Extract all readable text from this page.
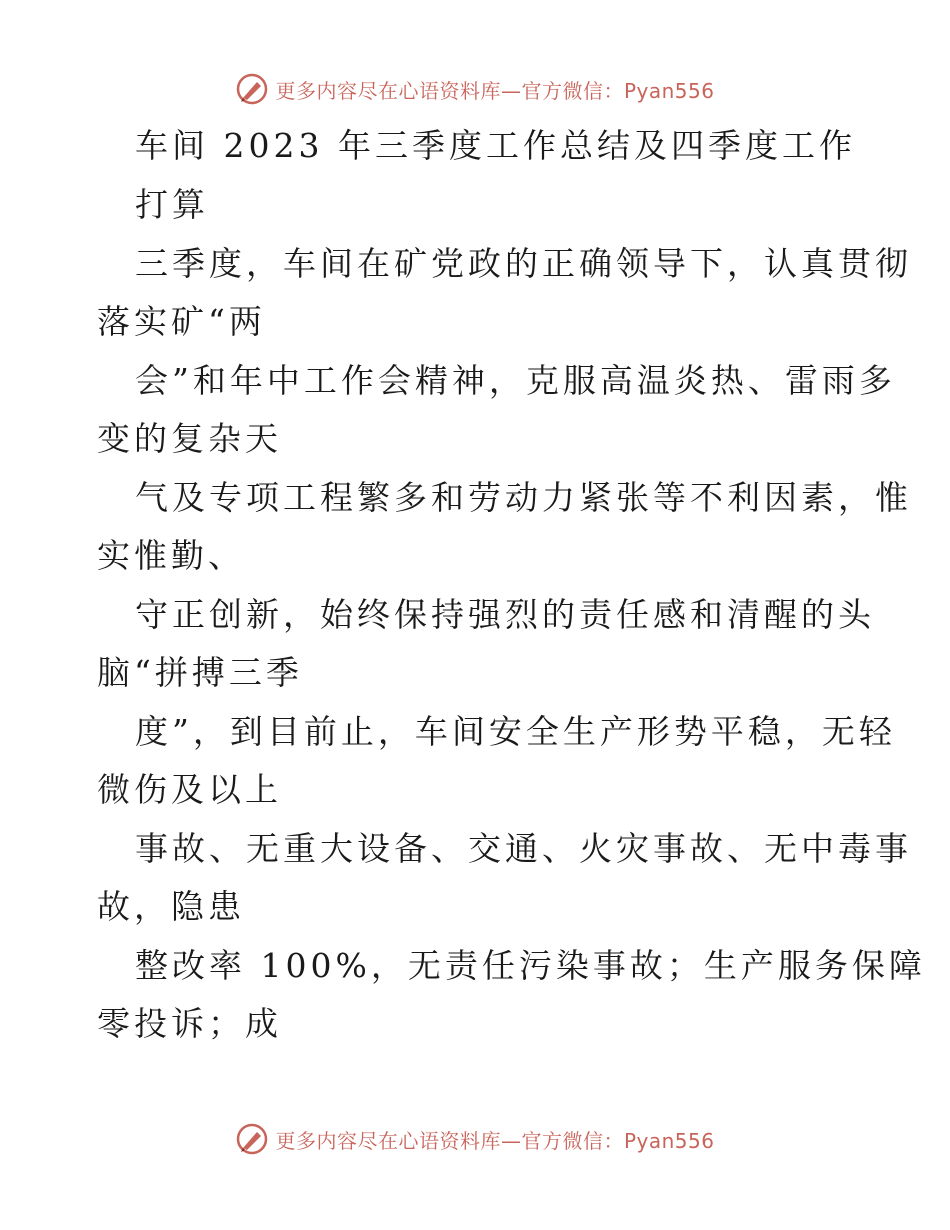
更多内容尽在心语资料库—官方微信：Pyan556
车间 2023 年三季度工作总结及四季度工作
打算
三季度，车间在矿党政的正确领导下，认真贯彻
落实矿“两
会”和年中工作会精神，克服高温炎热、雷雨多
变的复杂天
气及专项工程繁多和劳动力紧张等不利因素，惟
实惟勤、
守正创新，始终保持强烈的责任感和清醒的头
脑“拼搏三季
度”，到目前止，车间安全生产形势平稳，无轻
微伤及以上
事故、无重大设备、交通、火灾事故、无中毒事
故，隐患
整改率 100%，无责任污染事故；生产服务保障
零投诉；成
更多内容尽在心语资料库—官方微信：Pyan556
